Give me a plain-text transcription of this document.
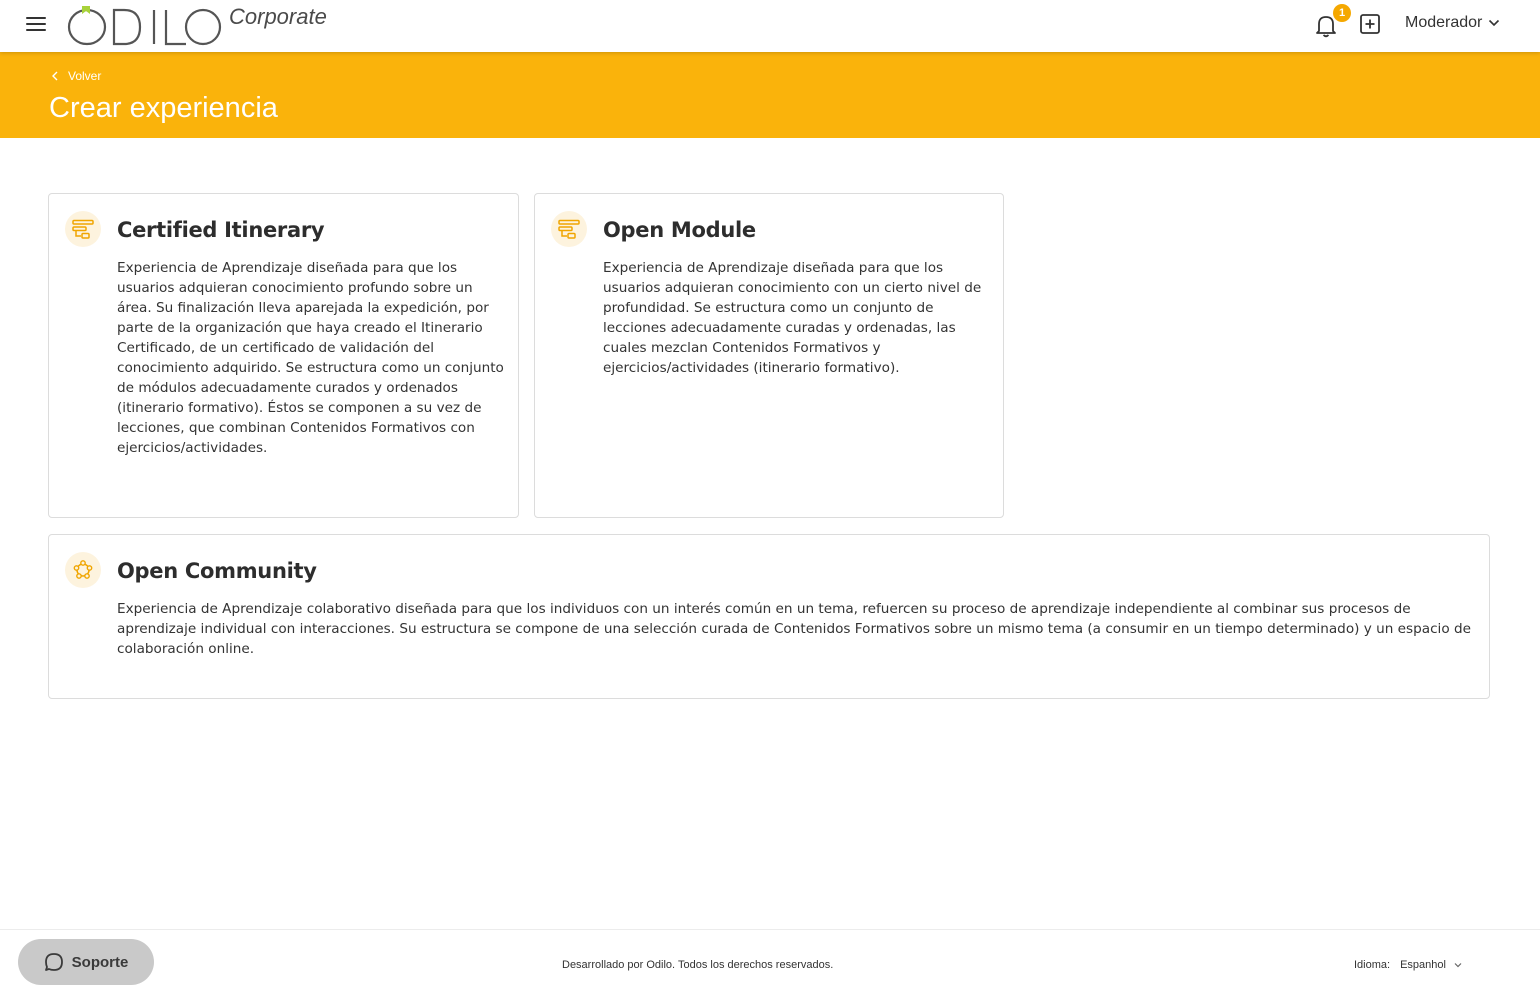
Corporate	1
Moderador
Volver
Crear experiencia
Certified Itinerary
Experiencia de Aprendizaje diseñada para que los usuarios adquieran conocimiento profundo sobre un área. Su finalización lleva aparejada la expedición, por parte de la organización que haya creado el Itinerario Certificado, de un certificado de validación del conocimiento adquirido. Se estructura como un conjunto de módulos adecuadamente curados y ordenados (itinerario formativo). Éstos se componen a su vez de lecciones, que combinan Contenidos Formativos con ejercicios/actividades.
Open Module
Experiencia de Aprendizaje diseñada para que los usuarios adquieran conocimiento con un cierto nivel de profundidad. Se estructura como un conjunto de lecciones adecuadamente curadas y ordenadas, las cuales mezclan Contenidos Formativos y ejercicios/actividades (itinerario formativo).
Open Community
Experiencia de Aprendizaje colaborativo diseñada para que los individuos con un interés común en un tema, refuercen su proceso de aprendizaje independiente al combinar sus procesos de aprendizaje individual con interacciones. Su estructura se compone de una selección curada de Contenidos Formativos sobre un mismo tema (a consumir en un tiempo determinado) y un espacio de colaboración online.
Soporte	Desarrollado por Odilo. Todos los derechos reservados.	Idioma: Espanhol
